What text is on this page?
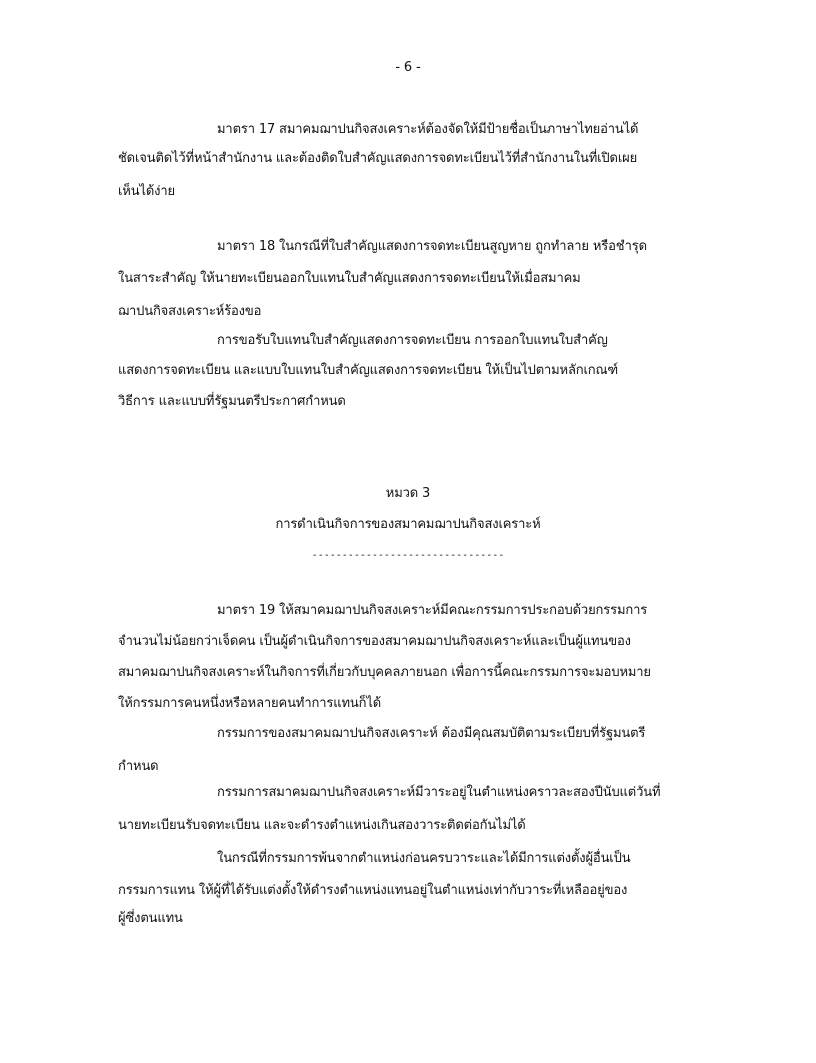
- 6 -
มาตรา 17 สมาคมฌาปนกิจสงเคราะห์ต้องจัดให้มีป้ายชื่อเป็นภาษาไทยอ่านได้
ชัดเจนติดไว้ที่หน้าสำนักงาน และต้องติดใบสำคัญแสดงการจดทะเบียนไว้ที่สำนักงานในที่เปิดเผย
เห็นได้ง่าย
มาตรา 18 ในกรณีที่ใบสำคัญแสดงการจดทะเบียนสูญหาย ถูกทำลาย หรือชำรุด
ในสาระสำคัญ ให้นายทะเบียนออกใบแทนใบสำคัญแสดงการจดทะเบียนให้เมื่อสมาคม
ฌาปนกิจสงเคราะห์ร้องขอ
การขอรับใบแทนใบสำคัญแสดงการจดทะเบียน การออกใบแทนใบสำคัญ
แสดงการจดทะเบียน และแบบใบแทนใบสำคัญแสดงการจดทะเบียน ให้เป็นไปตามหลักเกณฑ์
วิธีการ และแบบที่รัฐมนตรีประกาศกำหนด
หมวด 3
การดำเนินกิจการของสมาคมฌาปนกิจสงเคราะห์
--------------------------------
มาตรา 19 ให้สมาคมฌาปนกิจสงเคราะห์มีคณะกรรมการประกอบด้วยกรรมการ
จำนวนไม่น้อยกว่าเจ็ดคน เป็นผู้ดำเนินกิจการของสมาคมฌาปนกิจสงเคราะห์และเป็นผู้แทนของ
สมาคมฌาปนกิจสงเคราะห์ในกิจการที่เกี่ยวกับบุคคลภายนอก เพื่อการนี้คณะกรรมการจะมอบหมาย
ให้กรรมการคนหนึ่งหรือหลายคนทำการแทนก็ได้
กรรมการของสมาคมฌาปนกิจสงเคราะห์ ต้องมีคุณสมบัติตามระเบียบที่รัฐมนตรี
กำหนด
กรรมการสมาคมฌาปนกิจสงเคราะห์มีวาระอยู่ในตำแหน่งคราวละสองปีนับแต่วันที่
นายทะเบียนรับจดทะเบียน และจะดำรงตำแหน่งเกินสองวาระติดต่อกันไม่ได้
ในกรณีที่กรรมการพ้นจากตำแหน่งก่อนครบวาระและได้มีการแต่งตั้งผู้อื่นเป็น
กรรมการแทน ให้ผู้ที่ได้รับแต่งตั้งให้ดำรงตำแหน่งแทนอยู่ในตำแหน่งเท่ากับวาระที่เหลืออยู่ของ
ผู้ซึ่งตนแทน
